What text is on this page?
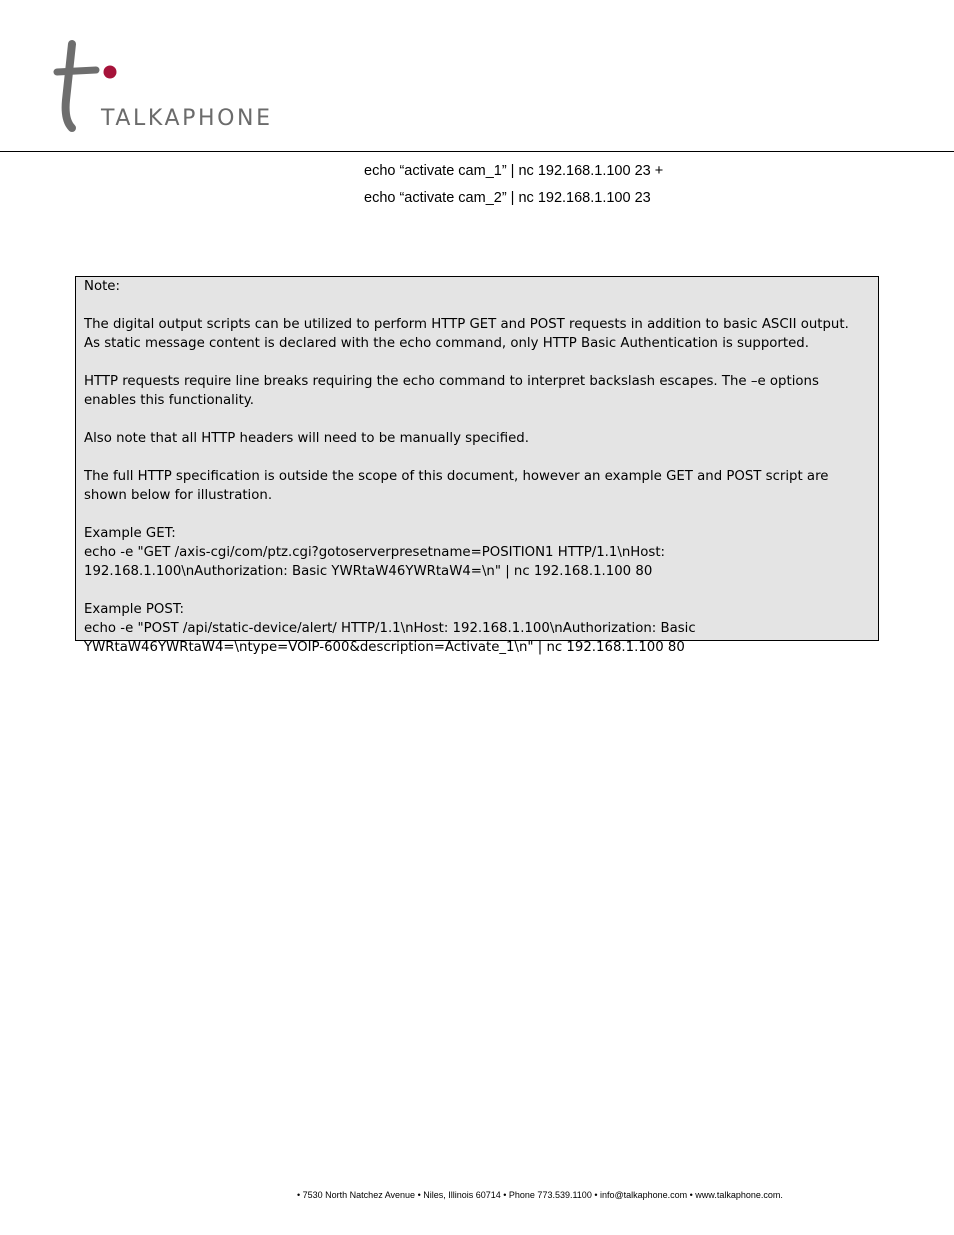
TALKAPHONE
echo “activate cam_1” | nc 192.168.1.100 23 +
echo “activate cam_2” | nc 192.168.1.100 23

Note:

The digital output scripts can be utilized to perform HTTP GET and POST requests in addition to basic ASCII output. As static message content is declared with the echo command, only HTTP Basic Authentication is supported.

HTTP requests require line breaks requiring the echo command to interpret backslash escapes. The –e options enables this functionality.

Also note that all HTTP headers will need to be manually specified.

The full HTTP specification is outside the scope of this document, however an example GET and POST script are shown below for illustration.

Example GET:

echo -e "GET /axis-cgi/com/ptz.cgi?gotoserverpresetname=POSITION1 HTTP/1.1\nHost: 192.168.1.100\nAuthorization: Basic YWRtaW46YWRtaW4=\n" | nc 192.168.1.100 80

Example POST:

echo -e "POST /api/static-device/alert/ HTTP/1.1\nHost: 192.168.1.100\nAuthorization: Basic YWRtaW46YWRtaW4=\ntype=VOIP-600&description=Activate_1\n" | nc 192.168.1.100 80

• 7530 North Natchez Avenue • Niles, Illinois 60714 • Phone 773.539.1100 • info@talkaphone.com • www.talkaphone.com.
